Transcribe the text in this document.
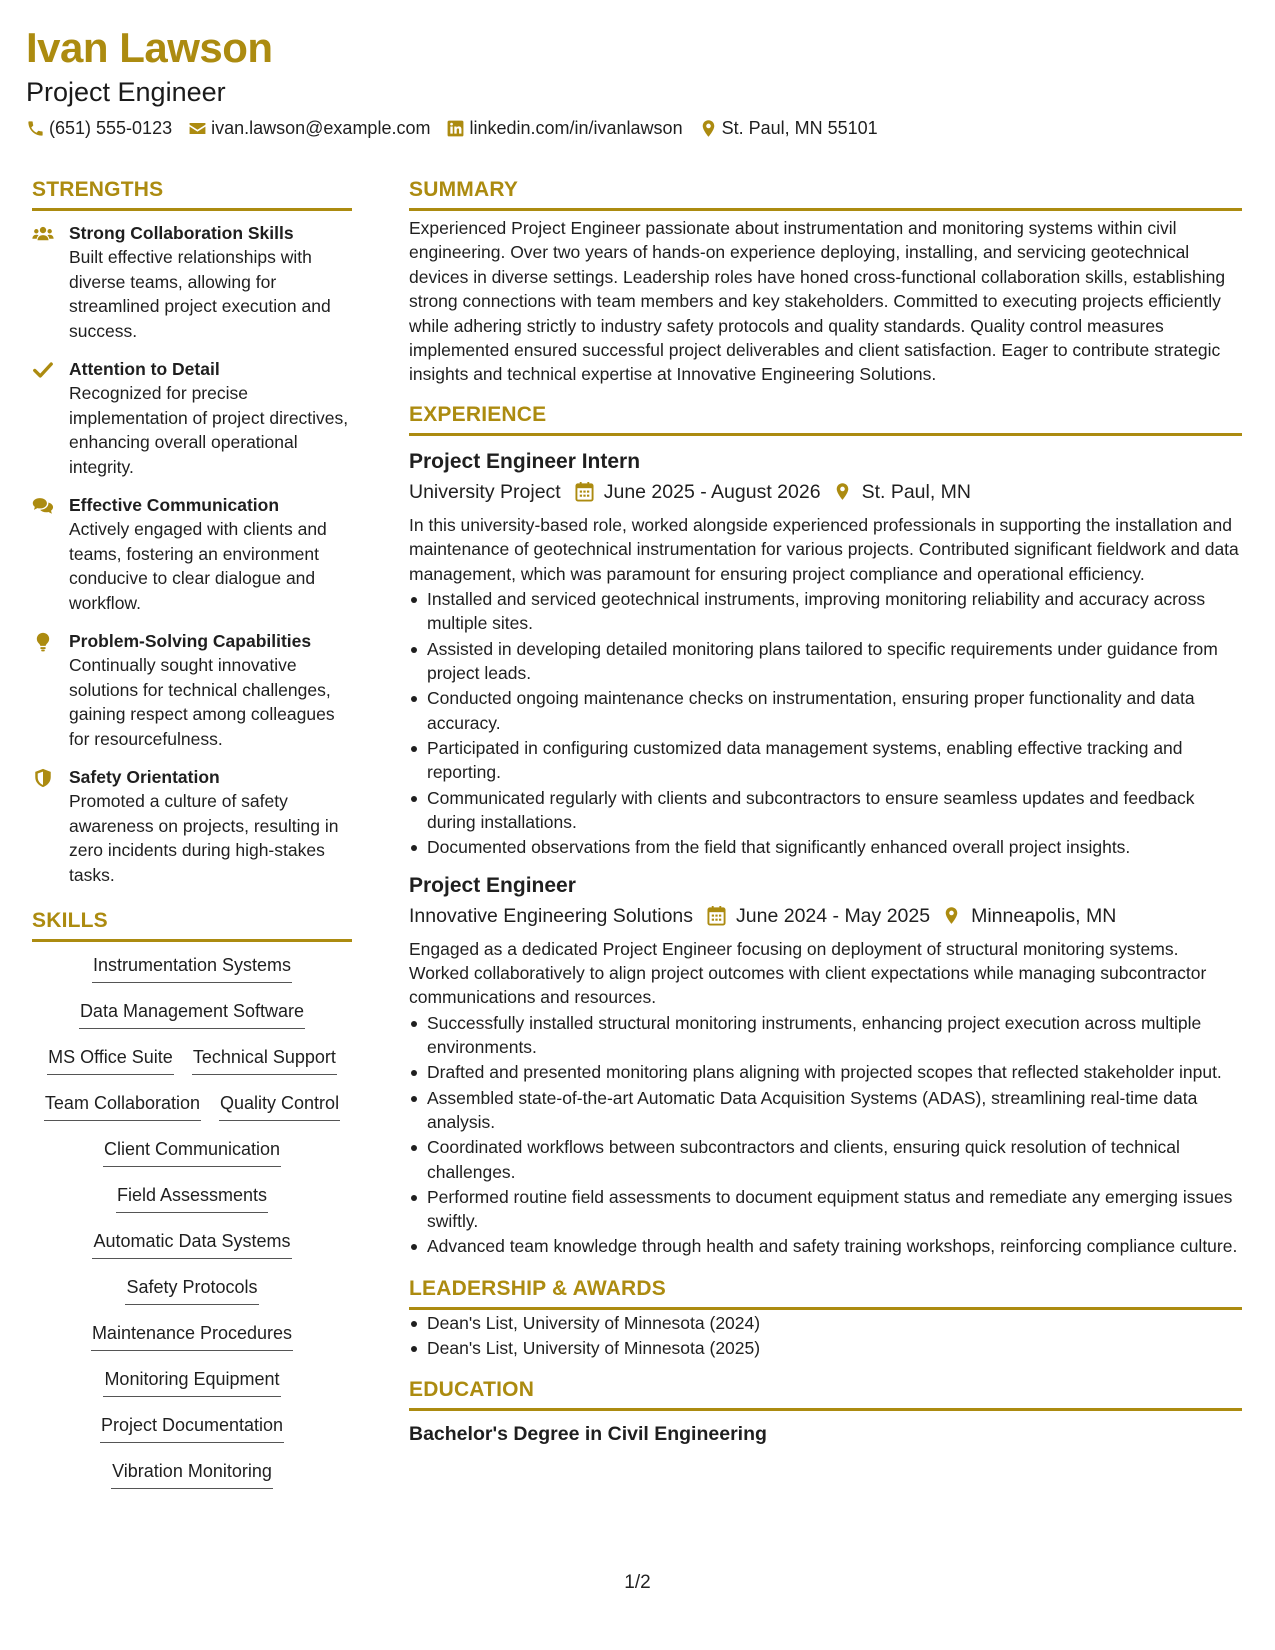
Ivan Lawson
Project Engineer
(651) 555-0123 ivan.lawson@example.com linkedin.com/in/ivanlawson St. Paul, MN 55101
STRENGTHS
Strong Collaboration Skills
Built effective relationships with diverse teams, allowing for streamlined project execution and success.
Attention to Detail
Recognized for precise implementation of project directives, enhancing overall operational integrity.
Effective Communication
Actively engaged with clients and teams, fostering an environment conducive to clear dialogue and workflow.
Problem-Solving Capabilities
Continually sought innovative solutions for technical challenges, gaining respect among colleagues for resourcefulness.
Safety Orientation
Promoted a culture of safety awareness on projects, resulting in zero incidents during high-stakes tasks.
SKILLS
Instrumentation Systems
Data Management Software
MS Office Suite Technical Support
Team Collaboration Quality Control
Client Communication
Field Assessments
Automatic Data Systems
Safety Protocols
Maintenance Procedures
Monitoring Equipment
Project Documentation
Vibration Monitoring
SUMMARY
Experienced Project Engineer passionate about instrumentation and monitoring systems within civil engineering. Over two years of hands-on experience deploying, installing, and servicing geotechnical devices in diverse settings. Leadership roles have honed cross-functional collaboration skills, establishing strong connections with team members and key stakeholders. Committed to executing projects efficiently while adhering strictly to industry safety protocols and quality standards. Quality control measures implemented ensured successful project deliverables and client satisfaction. Eager to contribute strategic insights and technical expertise at Innovative Engineering Solutions.
EXPERIENCE
Project Engineer Intern
University Project June 2025 - August 2026 St. Paul, MN
In this university-based role, worked alongside experienced professionals in supporting the installation and maintenance of geotechnical instrumentation for various projects. Contributed significant fieldwork and data management, which was paramount for ensuring project compliance and operational efficiency.
Installed and serviced geotechnical instruments, improving monitoring reliability and accuracy across multiple sites.
Assisted in developing detailed monitoring plans tailored to specific requirements under guidance from project leads.
Conducted ongoing maintenance checks on instrumentation, ensuring proper functionality and data accuracy.
Participated in configuring customized data management systems, enabling effective tracking and reporting.
Communicated regularly with clients and subcontractors to ensure seamless updates and feedback during installations.
Documented observations from the field that significantly enhanced overall project insights.
Project Engineer
Innovative Engineering Solutions June 2024 - May 2025 Minneapolis, MN
Engaged as a dedicated Project Engineer focusing on deployment of structural monitoring systems. Worked collaboratively to align project outcomes with client expectations while managing subcontractor communications and resources.
Successfully installed structural monitoring instruments, enhancing project execution across multiple environments.
Drafted and presented monitoring plans aligning with projected scopes that reflected stakeholder input.
Assembled state-of-the-art Automatic Data Acquisition Systems (ADAS), streamlining real-time data analysis.
Coordinated workflows between subcontractors and clients, ensuring quick resolution of technical challenges.
Performed routine field assessments to document equipment status and remediate any emerging issues swiftly.
Advanced team knowledge through health and safety training workshops, reinforcing compliance culture.
LEADERSHIP & AWARDS
Dean's List, University of Minnesota (2024)
Dean's List, University of Minnesota (2025)
EDUCATION
Bachelor's Degree in Civil Engineering
1/2
